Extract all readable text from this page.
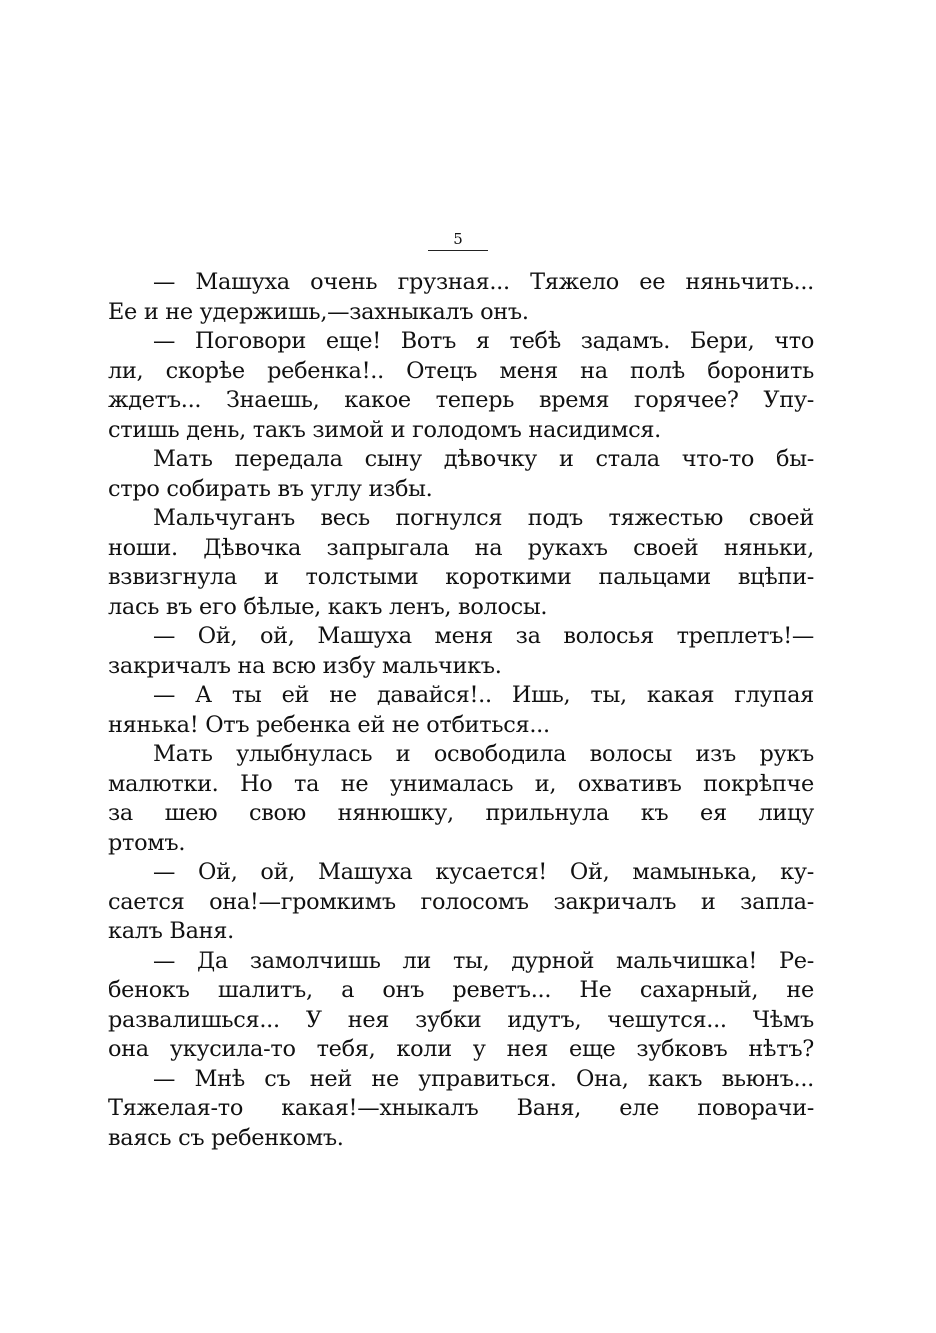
5
— Машуха очень грузная... Тяжело ее няньчить...
Ее и не удержишь,—захныкалъ онъ.
— Поговори еще! Вотъ я тебѣ задамъ. Бери, что
ли, скорѣе ребенка!.. Отецъ меня на полѣ боронить
ждетъ... Знаешь, какое теперь время горячее? Упу-
стишь день, такъ зимой и голодомъ насидимся.
Мать передала сыну дѣвочку и стала что-то бы-
стро собирать въ углу избы.
Мальчуганъ весь погнулся подъ тяжестью своей
ноши. Дѣвочка запрыгала на рукахъ своей няньки,
взвизгнула и толстыми короткими пальцами вцѣпи-
лась въ его бѣлые, какъ ленъ, волосы.
— Ой, ой, Машуха меня за волосья треплетъ!—
закричалъ на всю избу мальчикъ.
— А ты ей не давайся!.. Ишь, ты, какая глупая
нянька! Отъ ребенка ей не отбиться...
Мать улыбнулась и освободила волосы изъ рукъ
малютки. Но та не унималась и, охвативъ покрѣпче
за шею свою нянюшку, прильнула къ ея лицу
ртомъ.
— Ой, ой, Машуха кусается! Ой, мамынька, ку-
сается она!—громкимъ голосомъ закричалъ и запла-
калъ Ваня.
— Да замолчишь ли ты, дурной мальчишка! Ре-
бенокъ шалитъ, а онъ реветъ... Не сахарный, не
развалишься... У нея зубки идутъ, чешутся... Чѣмъ
она укусила-то тебя, коли у нея еще зубковъ нѣтъ?
— Мнѣ съ ней не управиться. Она, какъ вьюнъ...
Тяжелая-то какая!—хныкалъ Ваня, еле поворачи-
ваясь съ ребенкомъ.
